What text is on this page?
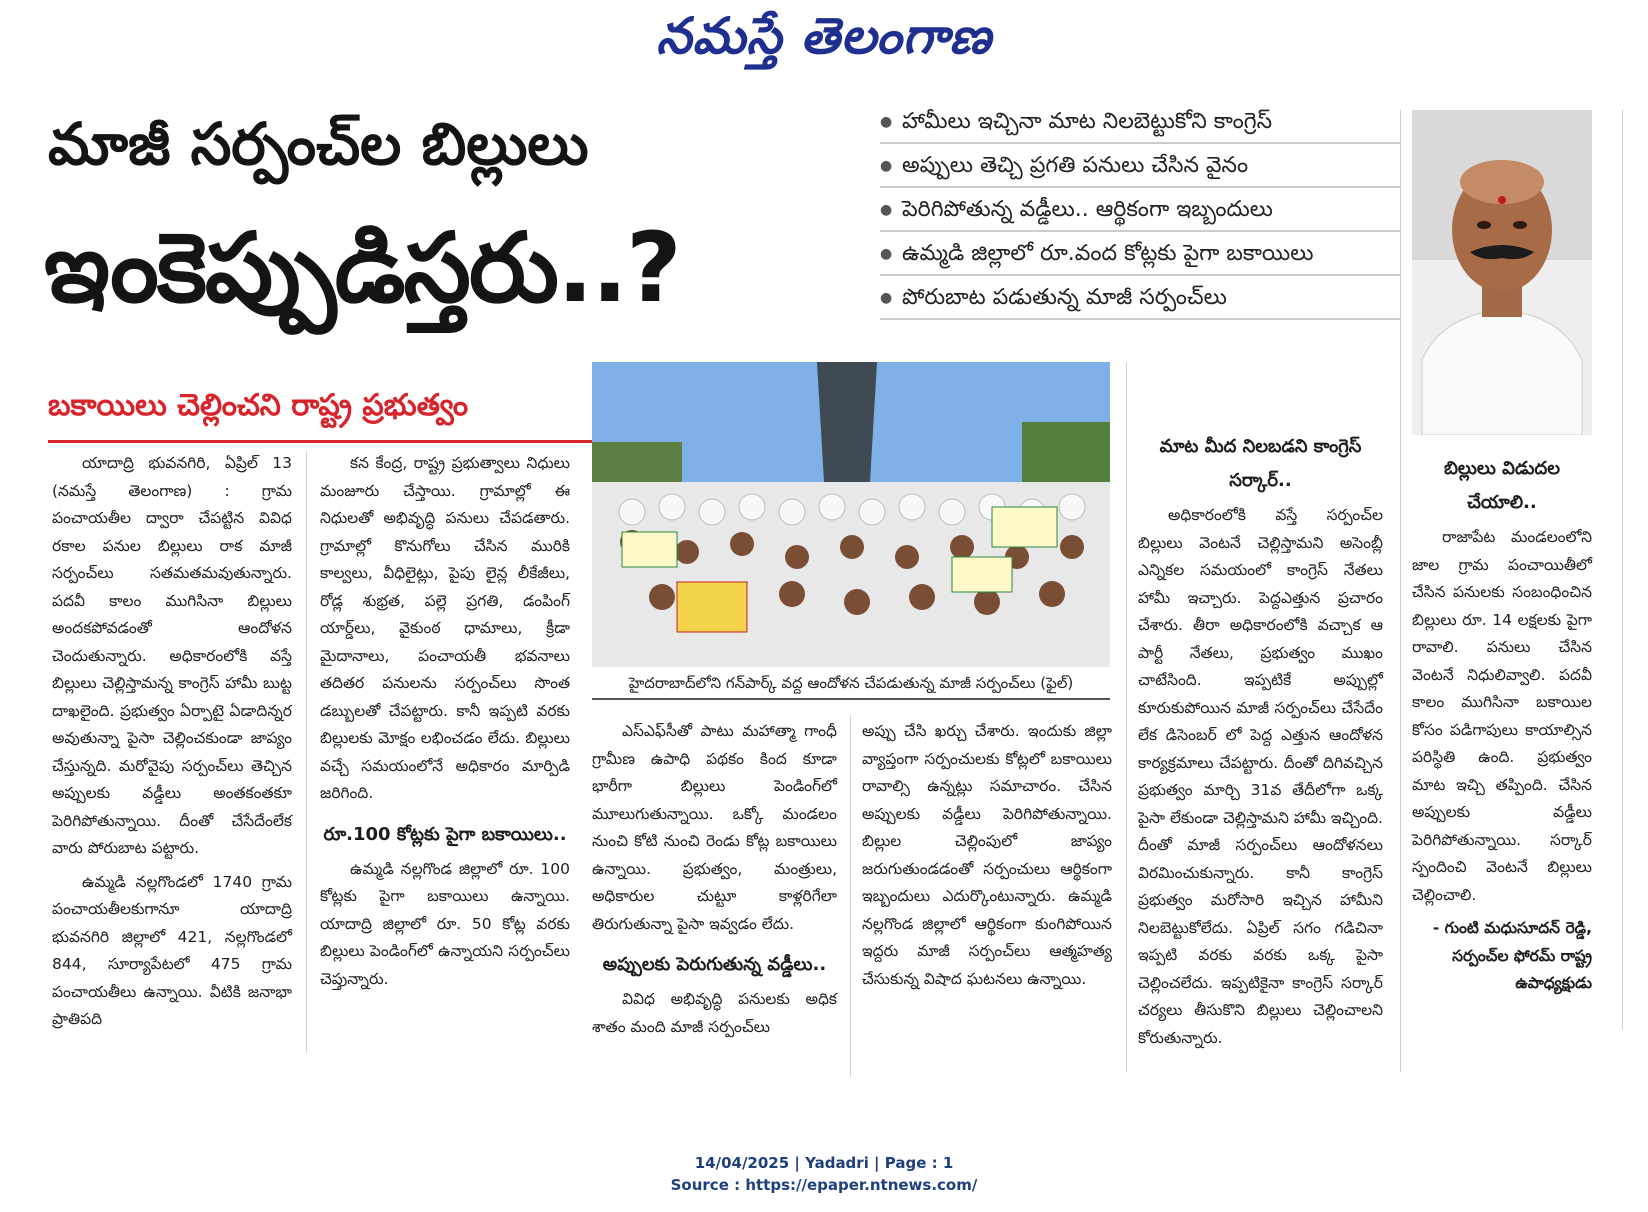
నమస్తే తెలంగాణ
మాజీ సర్పంచ్‌ల బిల్లులు
ఇంకెప్పుడిస్తరు..?
● హామీలు ఇచ్చినా మాట నిలబెట్టుకోని కాంగ్రెస్
● అప్పులు తెచ్చి ప్రగతి పనులు చేసిన వైనం
● పెరిగిపోతున్న వడ్డీలు.. ఆర్థికంగా ఇబ్బందులు
● ఉమ్మడి జిల్లాలో రూ.వంద కోట్లకు పైగా బకాయిలు
● పోరుబాట పడుతున్న మాజీ సర్పంచ్‌లు
బకాయిలు చెల్లించని రాష్ట్ర ప్రభుత్వం

యాదాద్రి భువనగిరి, ఏప్రిల్ 13 (నమస్తే తెలంగాణ) : గ్రామ పంచాయతీల ద్వారా చేపట్టిన వివిధ రకాల పనుల బిల్లులు రాక మాజీ సర్పంచ్‌లు సతమతమవుతున్నారు. పదవీ కాలం ముగిసినా బిల్లులు అందకపోవడంతో ఆందోళన చెందుతున్నారు. అధికారంలోకి వస్తే బిల్లులు చెల్లిస్తామన్న కాంగ్రెస్ హామీ బుట్ట దాఖలైంది. ప్రభుత్వం ఏర్పాటై ఏడాదిన్నర అవుతున్నా పైసా చెల్లించకుండా జాప్యం చేస్తున్నది. మరోవైపు సర్పంచ్‌లు తెచ్చిన అప్పులకు వడ్డీలు అంతకంతకూ పెరిగిపోతున్నాయి. దీంతో చేసేదేంలేక వారు పోరుబాట పట్టారు.

ఉమ్మడి నల్లగొండలో 1740 గ్రామ పంచాయతీలకుగానూ యాదాద్రి భువనగిరి జిల్లాలో 421, నల్లగొండలో 844, సూర్యాపేటలో 475 గ్రామ పంచాయతీలు ఉన్నాయి. వీటికి జనాభా ప్రాతిపది

కన కేంద్ర, రాష్ట్ర ప్రభుత్వాలు నిధులు మంజూరు చేస్తాయి. గ్రామాల్లో ఈ నిధులతో అభివృద్ధి పనులు చేపడతారు. గ్రామాల్లో కొనుగోలు చేసిన మురికి కాల్వలు, వీధిలైట్లు, పైపు లైన్ల లీకేజీలు, రోడ్ల శుభ్రత, పల్లె ప్రగతి, డంపింగ్ యార్డ్‌లు, వైకుంఠ ధామాలు, క్రీడా మైదానాలు, పంచాయతీ భవనాలు తదితర పనులను సర్పంచ్‌లు సొంత డబ్బులతో చేపట్టారు. కానీ ఇప్పటి వరకు బిల్లులకు మోక్షం లభించడం లేదు. బిల్లులు వచ్చే సమయంలోనే అధికారం మార్పిడి జరిగింది.

రూ.100 కోట్లకు పైగా బకాయిలు..

ఉమ్మడి నల్లగొండ జిల్లాలో రూ. 100 కోట్లకు పైగా బకాయిలు ఉన్నాయి. యాదాద్రి జిల్లాలో రూ. 50 కోట్ల వరకు బిల్లులు పెండింగ్‌లో ఉన్నాయని సర్పంచ్‌లు చెప్తున్నారు.

హైదరాబాద్‌లోని గన్‌పార్క్ వద్ద ఆందోళన చేపడుతున్న మాజీ సర్పంచ్‌లు (ఫైల్)

ఎస్‌ఎఫ్‌సీతో పాటు మహాత్మా గాంధీ గ్రామీణ ఉపాధి పథకం కింద కూడా భారీగా బిల్లులు పెండింగ్‌లో మూలుగుతున్నాయి. ఒక్కో మండలం నుంచి కోటి నుంచి రెండు కోట్ల బకాయిలు ఉన్నాయి. ప్రభుత్వం, మంత్రులు, అధికారుల చుట్టూ కాళ్లరిగేలా తిరుగుతున్నా పైసా ఇవ్వడం లేదు.

అప్పులకు పెరుగుతున్న వడ్డీలు..

వివిధ అభివృద్ధి పనులకు అధిక శాతం మంది మాజీ సర్పంచ్‌లు

అప్పు చేసి ఖర్చు చేశారు. ఇందుకు జిల్లా వ్యాప్తంగా సర్పంచులకు కోట్లలో బకాయిలు రావాల్సి ఉన్నట్లు సమాచారం. చేసిన అప్పులకు వడ్డీలు పెరిగిపోతున్నాయి. బిల్లుల చెల్లింపులో జాప్యం జరుగుతుండడంతో సర్పంచులు ఆర్థికంగా ఇబ్బందులు ఎదుర్కొంటున్నారు. ఉమ్మడి నల్లగొండ జిల్లాలో ఆర్థికంగా కుంగిపోయిన ఇద్దరు మాజీ సర్పంచ్‌లు ఆత్మహత్య చేసుకున్న విషాద ఘటనలు ఉన్నాయి.

మాట మీద నిలబడని కాంగ్రెస్ సర్కార్..

అధికారంలోకి వస్తే సర్పంచ్‌ల బిల్లులు వెంటనే చెల్లిస్తామని అసెంబ్లీ ఎన్నికల సమయంలో కాంగ్రెస్ నేతలు హామీ ఇచ్చారు. పెద్దఎత్తున ప్రచారం చేశారు. తీరా అధికారంలోకి వచ్చాక ఆ పార్టీ నేతలు, ప్రభుత్వం ముఖం చాటేసింది. ఇప్పటికే అప్పుల్లో కూరుకుపోయిన మాజీ సర్పంచ్‌లు చేసేదేం లేక డిసెంబర్ లో పెద్ద ఎత్తున ఆందోళన కార్యక్రమాలు చేపట్టారు. దీంతో దిగివచ్చిన ప్రభుత్వం మార్చి 31వ తేదీలోగా ఒక్క పైసా లేకుండా చెల్లిస్తామని హామీ ఇచ్చింది. దీంతో మాజీ సర్పంచ్‌లు ఆందోళనలు విరమించుకున్నారు. కానీ కాంగ్రెస్ ప్రభుత్వం మరోసారి ఇచ్చిన హామీని నిలబెట్టుకోలేదు. ఏప్రిల్ సగం గడిచినా ఇప్పటి వరకు వరకు ఒక్క పైసా చెల్లించలేదు. ఇప్పటికైనా కాంగ్రెస్ సర్కార్ చర్యలు తీసుకొని బిల్లులు చెల్లించాలని కోరుతున్నారు.

బిల్లులు విడుదల చేయాలి..

రాజాపేట మండలంలోని జాల గ్రామ పంచాయితీలో చేసిన పనులకు సంబంధించిన బిల్లులు రూ. 14 లక్షలకు పైగా రావాలి. పనులు చేసిన వెంటనే నిధులివ్వాలి. పదవీ కాలం ముగిసినా బకాయిల కోసం పడిగాపులు కాయాల్సిన పరిస్థితి ఉంది. ప్రభుత్వం మాట ఇచ్చి తప్పింది. చేసిన అప్పులకు వడ్డీలు పెరిగిపోతున్నాయి. సర్కార్ స్పందించి వెంటనే బిల్లులు చెల్లించాలి.

- గుంటి మధుసూదన్ రెడ్డి, సర్పంచ్‌ల ఫోరమ్ రాష్ట్ర ఉపాధ్యక్షుడు

14/04/2025 | Yadadri | Page : 1
Source : https://epaper.ntnews.com/
